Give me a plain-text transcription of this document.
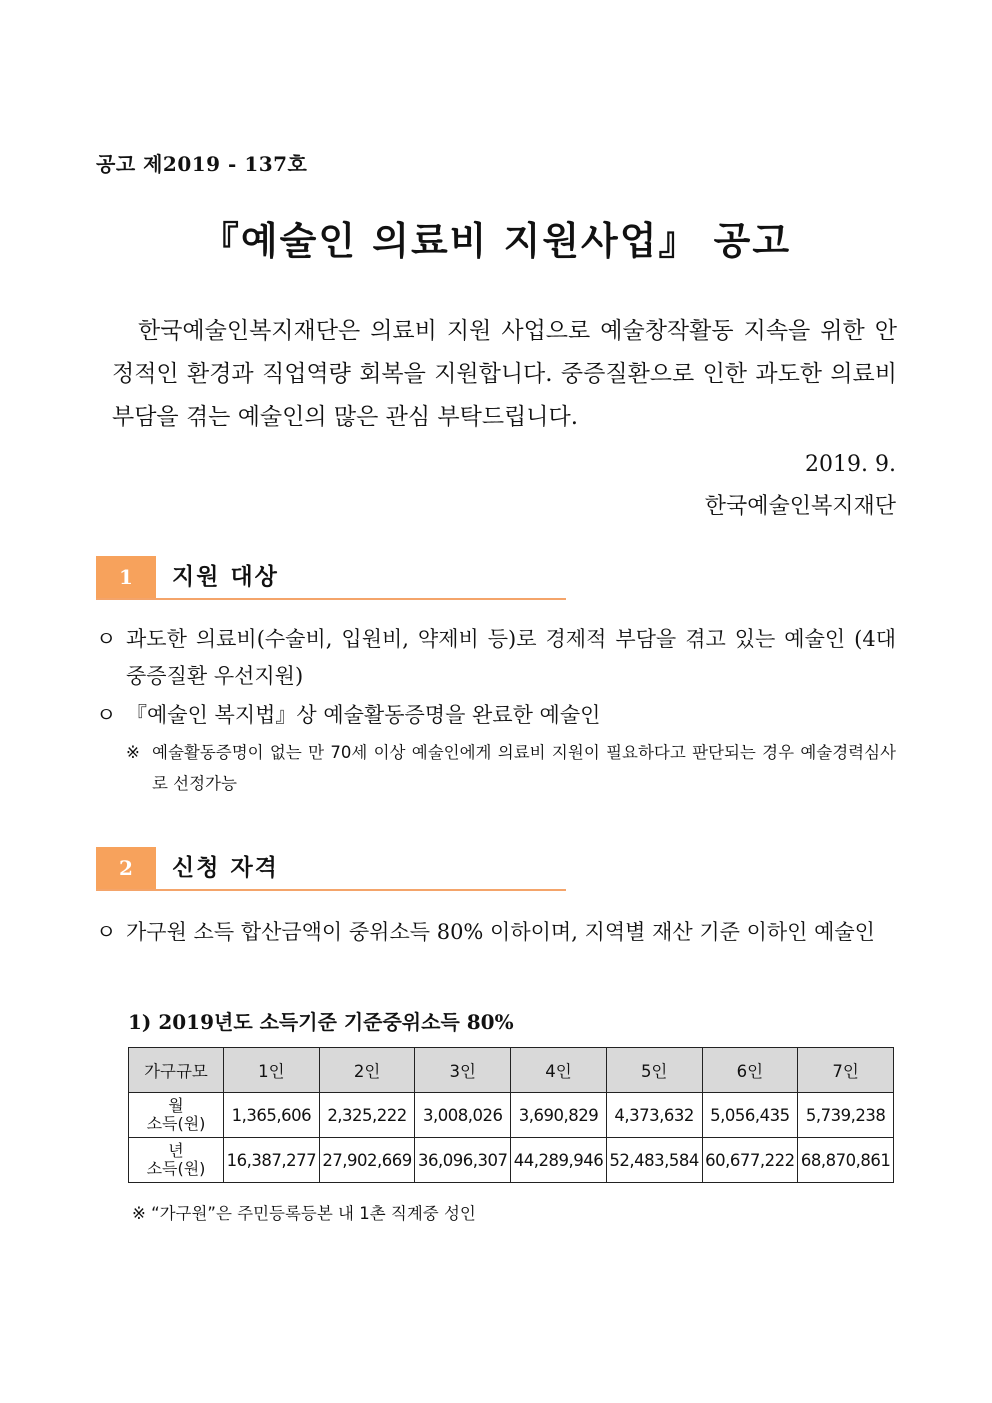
공고 제2019 - 137호
『예술인 의료비 지원사업』 공고

한국예술인복지재단은 의료비 지원 사업으로 예술창작활동 지속을 위한 안정적인 환경과 직업역량 회복을 지원합니다. 중증질환으로 인한 과도한 의료비 부담을 겪는 예술인의 많은 관심 부탁드립니다.

2019. 9.
한국예술인복지재단
1	지원 대상
ㅇ 과도한 의료비(수술비, 입원비, 약제비 등)로 경제적 부담을 겪고 있는 예술인 (4대 중증질환 우선지원)
ㅇ 『예술인 복지법』상 예술활동증명을 완료한 예술인
※ 예술활동증명이 없는 만 70세 이상 예술인에게 의료비 지원이 필요하다고 판단되는 경우 예술경력심사로 선정가능
2	신청 자격
ㅇ 가구원 소득 합산금액이 중위소득 80% 이하이며, 지역별 재산 기준 이하인 예술인
1) 2019년도 소득기준 기준중위소득 80%
가구규모	1인	2인	3인	4인	5인	6인	7인
월
소득(원)	1,365,606	2,325,222	3,008,026	3,690,829	4,373,632	5,056,435	5,739,238
년
소득(원)	16,387,277	27,902,669	36,096,307	44,289,946	52,483,584	60,677,222	68,870,861
※ “가구원”은 주민등록등본 내 1촌 직계중 성인
